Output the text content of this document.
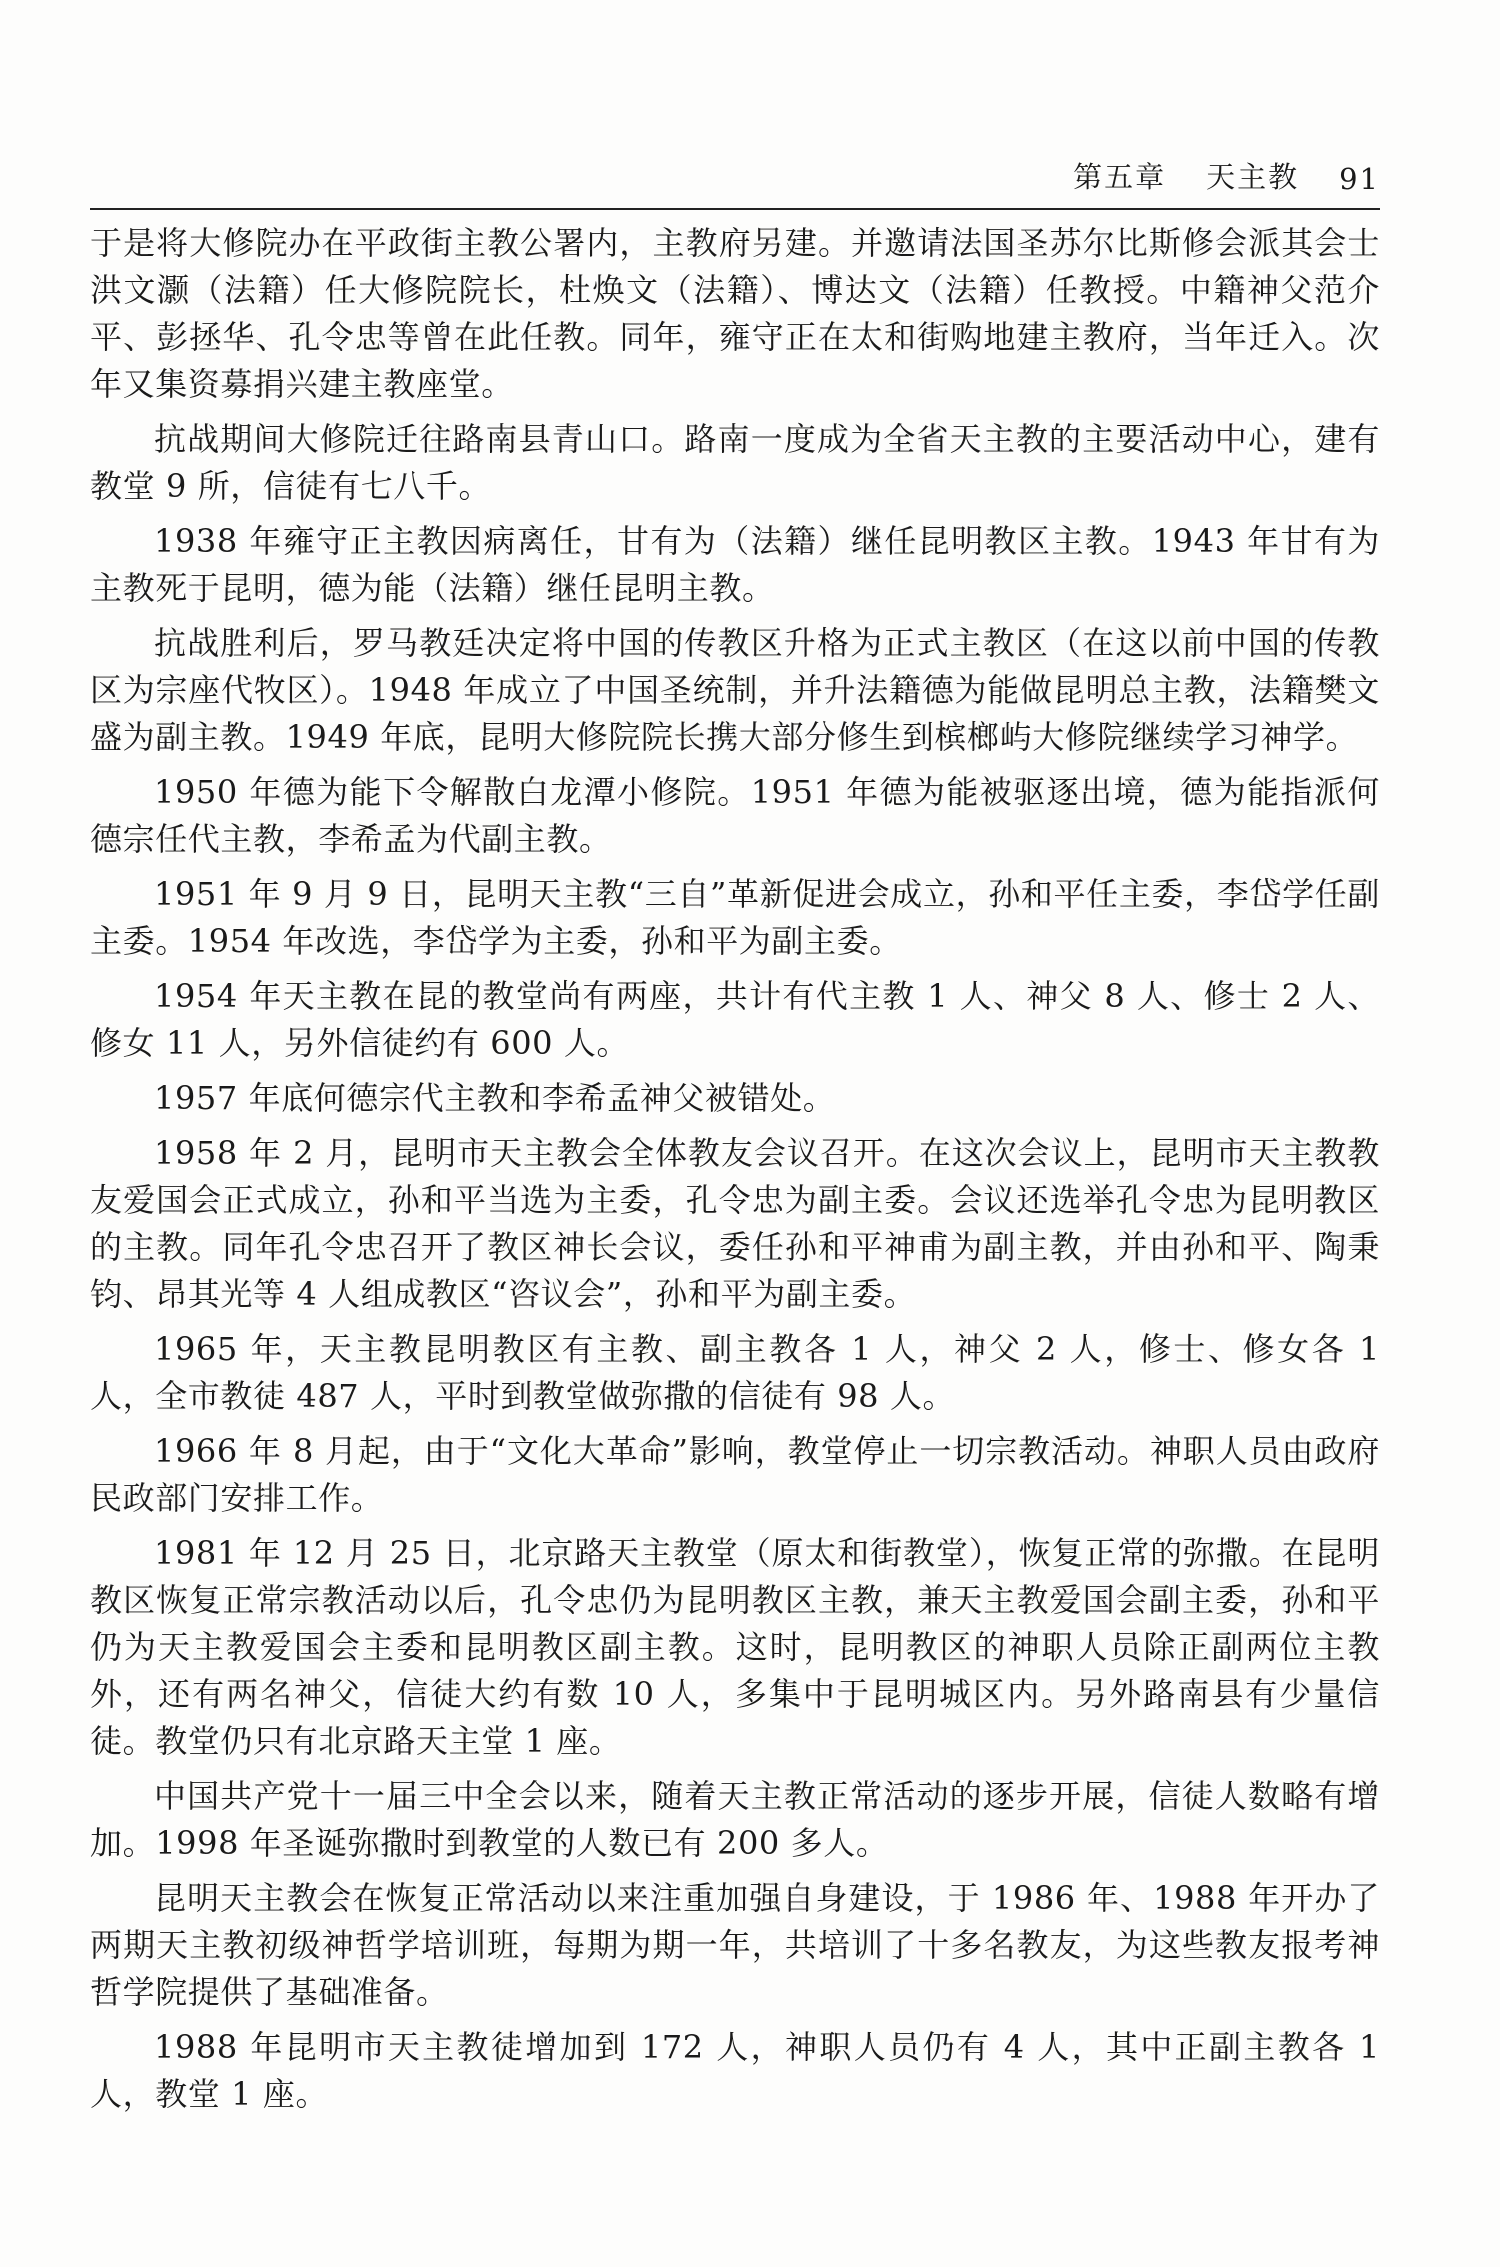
第五章 天主教 91

于是将大修院办在平政街主教公署内，主教府另建。并邀请法国圣苏尔比斯修会派其会士洪文灏（法籍）任大修院院长，杜焕文（法籍）、博达文（法籍）任教授。中籍神父范介平、彭拯华、孔令忠等曾在此任教。同年，雍守正在太和街购地建主教府，当年迁入。次年又集资募捐兴建主教座堂。

抗战期间大修院迁往路南县青山口。路南一度成为全省天主教的主要活动中心，建有教堂 9 所，信徒有七八千。

1938 年雍守正主教因病离任，甘有为（法籍）继任昆明教区主教。1943 年甘有为主教死于昆明，德为能（法籍）继任昆明主教。

抗战胜利后，罗马教廷决定将中国的传教区升格为正式主教区（在这以前中国的传教区为宗座代牧区）。1948 年成立了中国圣统制，并升法籍德为能做昆明总主教，法籍樊文盛为副主教。1949 年底，昆明大修院院长携大部分修生到槟榔屿大修院继续学习神学。

1950 年德为能下令解散白龙潭小修院。1951 年德为能被驱逐出境，德为能指派何德宗任代主教，李希孟为代副主教。

1951 年 9 月 9 日，昆明天主教“三自”革新促进会成立，孙和平任主委，李岱学任副主委。1954 年改选，李岱学为主委，孙和平为副主委。

1954 年天主教在昆的教堂尚有两座，共计有代主教 1 人、神父 8 人、修士 2 人、修女 11 人，另外信徒约有 600 人。

1957 年底何德宗代主教和李希孟神父被错处。

1958 年 2 月，昆明市天主教会全体教友会议召开。在这次会议上，昆明市天主教教友爱国会正式成立，孙和平当选为主委，孔令忠为副主委。会议还选举孔令忠为昆明教区的主教。同年孔令忠召开了教区神长会议，委任孙和平神甫为副主教，并由孙和平、陶秉钧、昂其光等 4 人组成教区“咨议会”，孙和平为副主委。

1965 年，天主教昆明教区有主教、副主教各 1 人，神父 2 人，修士、修女各 1 人，全市教徒 487 人，平时到教堂做弥撒的信徒有 98 人。

1966 年 8 月起，由于“文化大革命”影响，教堂停止一切宗教活动。神职人员由政府民政部门安排工作。

1981 年 12 月 25 日，北京路天主教堂（原太和街教堂），恢复正常的弥撒。在昆明教区恢复正常宗教活动以后，孔令忠仍为昆明教区主教，兼天主教爱国会副主委，孙和平仍为天主教爱国会主委和昆明教区副主教。这时，昆明教区的神职人员除正副两位主教外，还有两名神父，信徒大约有数 10 人，多集中于昆明城区内。另外路南县有少量信徒。教堂仍只有北京路天主堂 1 座。

中国共产党十一届三中全会以来，随着天主教正常活动的逐步开展，信徒人数略有增加。1998 年圣诞弥撒时到教堂的人数已有 200 多人。

昆明天主教会在恢复正常活动以来注重加强自身建设，于 1986 年、1988 年开办了两期天主教初级神哲学培训班，每期为期一年，共培训了十多名教友，为这些教友报考神哲学院提供了基础准备。

1988 年昆明市天主教徒增加到 172 人，神职人员仍有 4 人，其中正副主教各 1 人，教堂 1 座。
